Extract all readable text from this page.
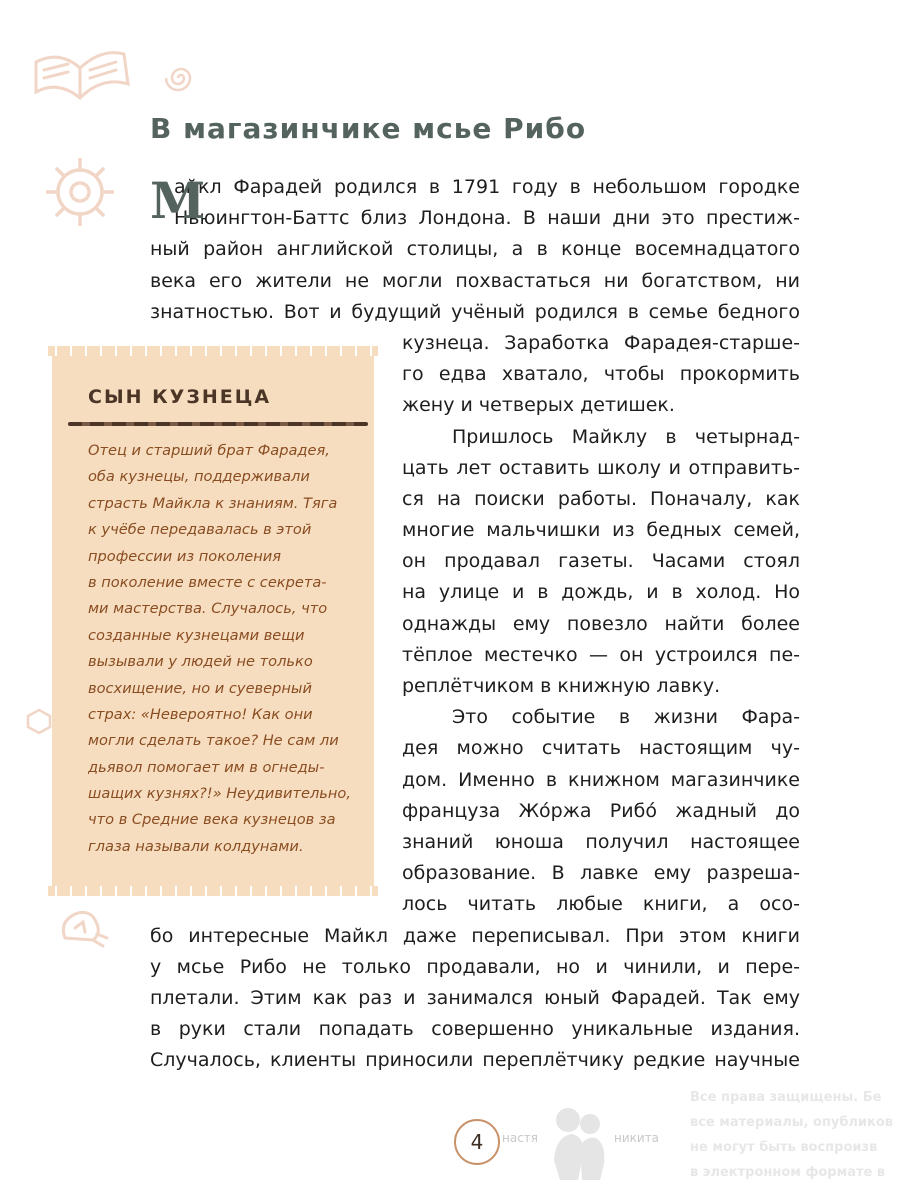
В магазинчике мсье Рибо
М
айкл Фарадей родился в 1791 году в небольшом городке
Ньюингтон-Баттс близ Лондона. В наши дни это престиж-
ный район английской столицы, а в конце восемнадцатого
века его жители не могли похвастаться ни богатством, ни
знатностью. Вот и будущий учёный родился в семье бедного
кузнеца. Заработка Фарадея-старше-
го едва хватало, чтобы прокормить
жену и четверых детишек.
Пришлось Майклу в четырнад-
цать лет оставить школу и отправить-
ся на поиски работы. Поначалу, как
многие мальчишки из бедных семей,
он продавал газеты. Часами стоял
на улице и в дождь, и в холод. Но
однажды ему повезло найти более
тёплое местечко — он устроился пе-
реплётчиком в книжную лавку.
Это событие в жизни Фара-
дея можно считать настоящим чу-
дом. Именно в книжном магазинчике
француза Жо́ржа Рибо́ жадный до
знаний юноша получил настоящее
образование. В лавке ему разреша-
лось читать любые книги, а осо-
бо интересные Майкл даже переписывал. При этом книги
у мсье Рибо не только продавали, но и чинили, и пере-
плетали. Этим как раз и занимался юный Фарадей. Так ему
в руки стали попадать совершенно уникальные издания.
Случалось, клиенты приносили переплётчику редкие научные
СЫН КУЗНЕЦА
Отец и старший брат Фарадея,
оба кузнецы, поддерживали
страсть Майкла к знаниям. Тяга
к учёбе передавалась в этой
профессии из поколения
в поколение вместе с секрета-
ми мастерства. Случалось, что
созданные кузнецами вещи
вызывали у людей не только
восхищение, но и суеверный
страх: «Невероятно! Как они
могли сделать такое? Не сам ли
дьявол помогает им в огнеды-
шащих кузнях?!» Неудивительно,
что в Средние века кузнецов за
глаза называли колдунами.
4	настя	никита
Все права защищены. Бе
все материалы, опубликов
не могут быть воспроизв
в электронном формате в
